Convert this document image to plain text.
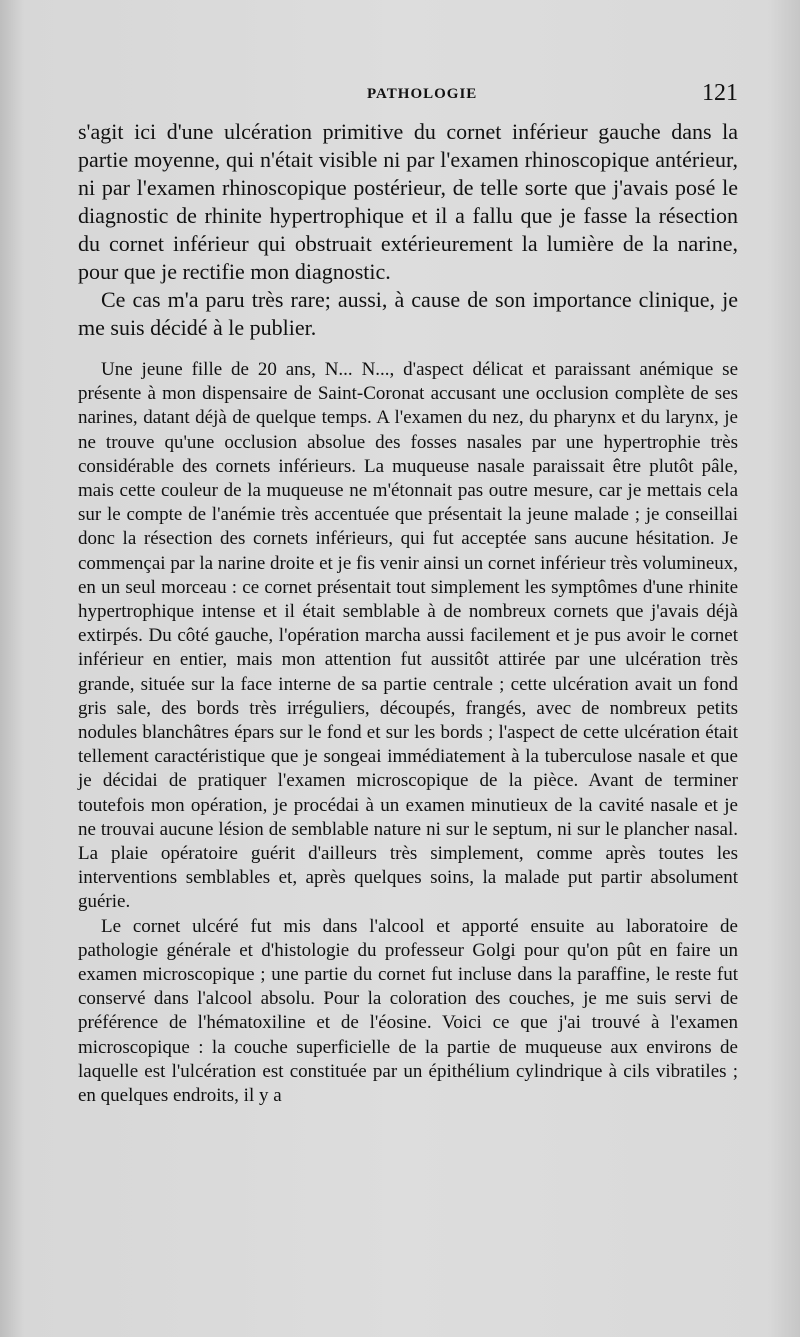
PATHOLOGIE	121

s'agit ici d'une ulcération primitive du cornet inférieur gauche dans la partie moyenne, qui n'était visible ni par l'examen rhinoscopique antérieur, ni par l'examen rhinoscopique postérieur, de telle sorte que j'avais posé le diagnostic de rhinite hypertrophique et il a fallu que je fasse la résection du cornet inférieur qui obstruait extérieurement la lumière de la narine, pour que je rectifie mon diagnostic.

Ce cas m'a paru très rare; aussi, à cause de son importance clinique, je me suis décidé à le publier.

Une jeune fille de 20 ans, N... N..., d'aspect délicat et paraissant anémique se présente à mon dispensaire de Saint-Coronat accusant une occlusion complète de ses narines, datant déjà de quelque temps. A l'examen du nez, du pharynx et du larynx, je ne trouve qu'une occlusion absolue des fosses nasales par une hypertrophie très considérable des cornets inférieurs. La muqueuse nasale paraissait être plutôt pâle, mais cette couleur de la muqueuse ne m'étonnait pas outre mesure, car je mettais cela sur le compte de l'anémie très accentuée que présentait la jeune malade ; je conseillai donc la résection des cornets inférieurs, qui fut acceptée sans aucune hésitation. Je commençai par la narine droite et je fis venir ainsi un cornet inférieur très volumineux, en un seul morceau : ce cornet présentait tout simplement les symptômes d'une rhinite hypertrophique intense et il était semblable à de nombreux cornets que j'avais déjà extirpés. Du côté gauche, l'opération marcha aussi facilement et je pus avoir le cornet inférieur en entier, mais mon attention fut aussitôt attirée par une ulcération très grande, située sur la face interne de sa partie centrale ; cette ulcération avait un fond gris sale, des bords très irréguliers, découpés, frangés, avec de nombreux petits nodules blanchâtres épars sur le fond et sur les bords ; l'aspect de cette ulcération était tellement caractéristique que je songeai immédiatement à la tuberculose nasale et que je décidai de pratiquer l'examen microscopique de la pièce. Avant de terminer toutefois mon opération, je procédai à un examen minutieux de la cavité nasale et je ne trouvai aucune lésion de semblable nature ni sur le septum, ni sur le plancher nasal. La plaie opératoire guérit d'ailleurs très simplement, comme après toutes les interventions semblables et, après quelques soins, la malade put partir absolument guérie.

Le cornet ulcéré fut mis dans l'alcool et apporté ensuite au laboratoire de pathologie générale et d'histologie du professeur Golgi pour qu'on pût en faire un examen microscopique ; une partie du cornet fut incluse dans la paraffine, le reste fut conservé dans l'alcool absolu. Pour la coloration des couches, je me suis servi de préférence de l'hématoxiline et de l'éosine. Voici ce que j'ai trouvé à l'examen microscopique : la couche superficielle de la partie de muqueuse aux environs de laquelle est l'ulcération est constituée par un épithélium cylindrique à cils vibratiles ; en quelques endroits, il y a
